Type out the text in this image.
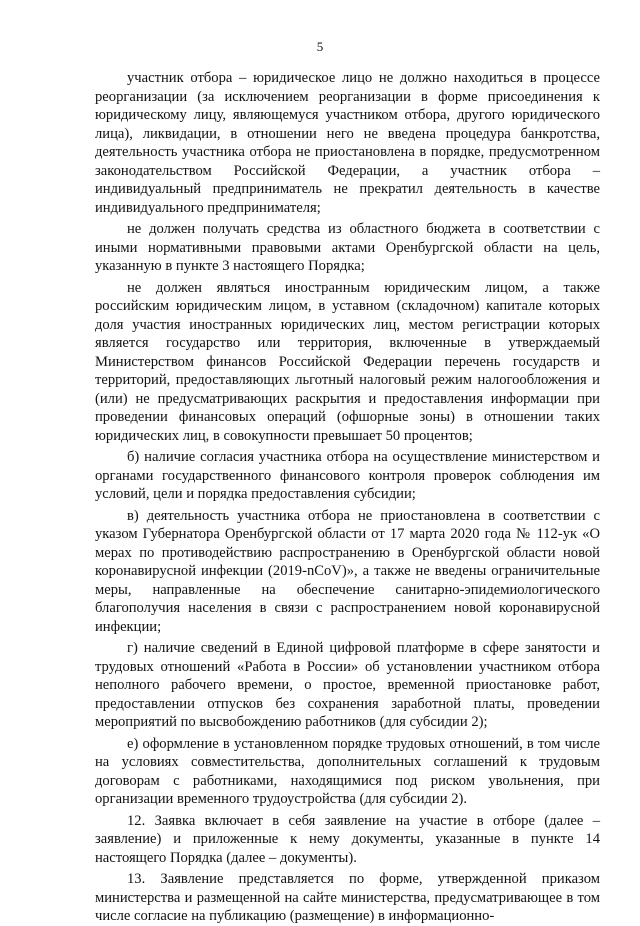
5

участник отбора – юридическое лицо не должно находиться в процессе реорганизации (за исключением реорганизации в форме присоединения к юридическому лицу, являющемуся участником отбора, другого юридического лица), ликвидации, в отношении него не введена процедура банкротства, деятельность участника отбора не приостановлена в порядке, предусмотренном законодательством Российской Федерации, а участник отбора – индивидуальный предприниматель не прекратил деятельность в качестве индивидуального предпринимателя;

не должен получать средства из областного бюджета в соответствии с иными нормативными правовыми актами Оренбургской области на цель, указанную в пункте 3 настоящего Порядка;

не должен являться иностранным юридическим лицом, а также российским юридическим лицом, в уставном (складочном) капитале которых доля участия иностранных юридических лиц, местом регистрации которых является государство или территория, включенные в утверждаемый Министерством финансов Российской Федерации перечень государств и территорий, предоставляющих льготный налоговый режим налогообложения и (или) не предусматривающих раскрытия и предоставления информации при проведении финансовых операций (офшорные зоны) в отношении таких юридических лиц, в совокупности превышает 50 процентов;

б) наличие согласия участника отбора на осуществление министерством и органами государственного финансового контроля проверок соблюдения им условий, цели и порядка предоставления субсидии;

в) деятельность участника отбора не приостановлена в соответствии с указом Губернатора Оренбургской области от 17 марта 2020 года № 112-ук «О мерах по противодействию распространению в Оренбургской области новой коронавирусной инфекции (2019-nCoV)», а также не введены ограничительные меры, направленные на обеспечение санитарно-эпидемиологического благополучия населения в связи с распространением новой коронавирусной инфекции;

г) наличие сведений в Единой цифровой платформе в сфере занятости и трудовых отношений «Работа в России» об установлении участником отбора неполного рабочего времени, о простое, временной приостановке работ, предоставлении отпусков без сохранения заработной платы, проведении мероприятий по высвобождению работников (для субсидии 2);

е) оформление в установленном порядке трудовых отношений, в том числе на условиях совместительства, дополнительных соглашений к трудовым договорам с работниками, находящимися под риском увольнения, при организации временного трудоустройства (для субсидии 2).

12. Заявка включает в себя заявление на участие в отборе (далее – заявление) и приложенные к нему документы, указанные в пункте 14 настоящего Порядка (далее – документы).

13. Заявление представляется по форме, утвержденной приказом министерства и размещенной на сайте министерства, предусматривающее в том числе согласие на публикацию (размещение) в информационно-
